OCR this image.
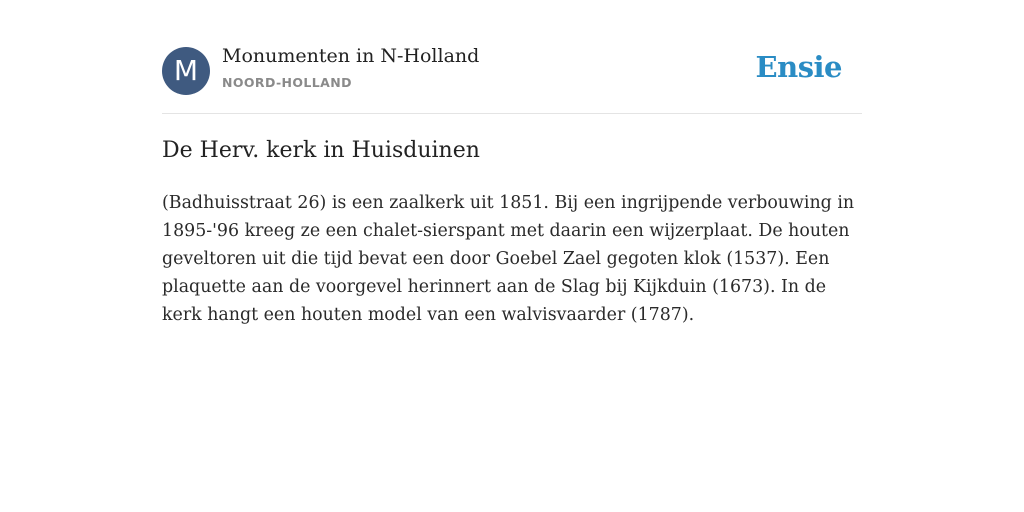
M	Monumenten in N-Holland
NOORD-HOLLAND	Ensie
De Herv. kerk in Huisduinen

(Badhuisstraat 26) is een zaalkerk uit 1851. Bij een ingrijpende verbouwing in 1895-'96 kreeg ze een chalet-sierspant met daarin een wijzerplaat. De houten geveltoren uit die tijd bevat een door Goebel Zael gegoten klok (1537). Een plaquette aan de voorgevel herinnert aan de Slag bij Kijkduin (1673). In de kerk hangt een houten model van een walvisvaarder (1787).
